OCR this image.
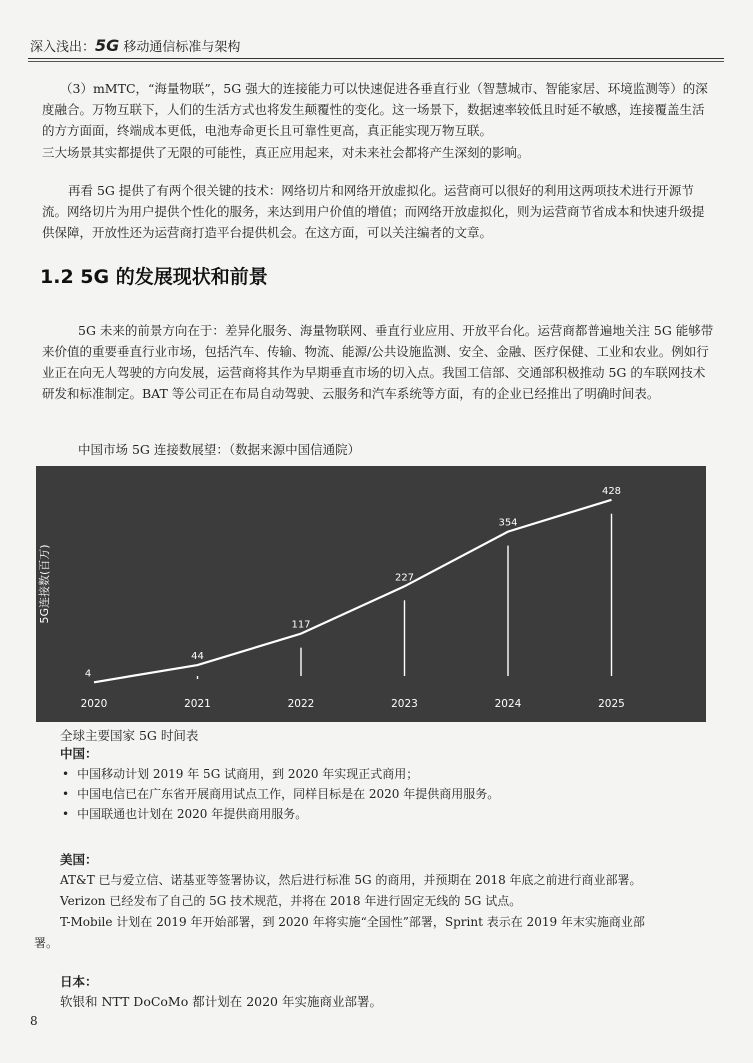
深入浅出：5G 移动通信标准与架构

（3）mMTC，“海量物联”，5G 强大的连接能力可以快速促进各垂直行业（智慧城市、智能家居、环境监测等）的深度融合。万物互联下，人们的生活方式也将发生颠覆性的变化。这一场景下，数据速率较低且时延不敏感，连接覆盖生活的方方面面，终端成本更低，电池寿命更长且可靠性更高，真正能实现万物互联。

三大场景其实都提供了无限的可能性，真正应用起来，对未来社会都将产生深刻的影响。

再看 5G 提供了有两个很关键的技术：网络切片和网络开放虚拟化。运营商可以很好的利用这两项技术进行开源节流。网络切片为用户提供个性化的服务，来达到用户价值的增值；而网络开放虚拟化，则为运营商节省成本和快速升级提供保障，开放性还为运营商打造平台提供机会。在这方面，可以关注编者的文章。

1.2 5G 的发展现状和前景

5G 未来的前景方向在于：差异化服务、海量物联网、垂直行业应用、开放平台化。运营商都普遍地关注 5G 能够带来价值的重要垂直行业市场，包括汽车、传输、物流、能源/公共设施监测、安全、金融、医疗保健、工业和农业。例如行业正在向无人驾驶的方向发展，运营商将其作为早期垂直市场的切入点。我国工信部、交通部积极推动 5G 的车联网技术研发和标准制定。BAT 等公司正在布局自动驾驶、云服务和汽车系统等方面，有的企业已经推出了明确时间表。

中国市场 5G 连接数展望：（数据来源中国信通院）
5G连接数(百万)
4
2020
44
2021
117
2022
227
2023
354
2024
428
2025
全球主要国家 5G 时间表
中国：
• 中国移动计划 2019 年 5G 试商用，到 2020 年实现正式商用；
• 中国电信已在广东省开展商用试点工作，同样目标是在 2020 年提供商用服务。
• 中国联通也计划在 2020 年提供商用服务。
美国：

AT&T 已与爱立信、诺基亚等签署协议，然后进行标准 5G 的商用，并预期在 2018 年底之前进行商业部署。

Verizon 已经发布了自己的 5G 技术规范，并将在 2018 年进行固定无线的 5G 试点。

T-Mobile 计划在 2019 年开始部署，到 2020 年将实施“全国性”部署，Sprint 表示在 2019 年末实施商业部

署。

日本：
软银和 NTT DoCoMo 都计划在 2020 年实施商业部署。
8
